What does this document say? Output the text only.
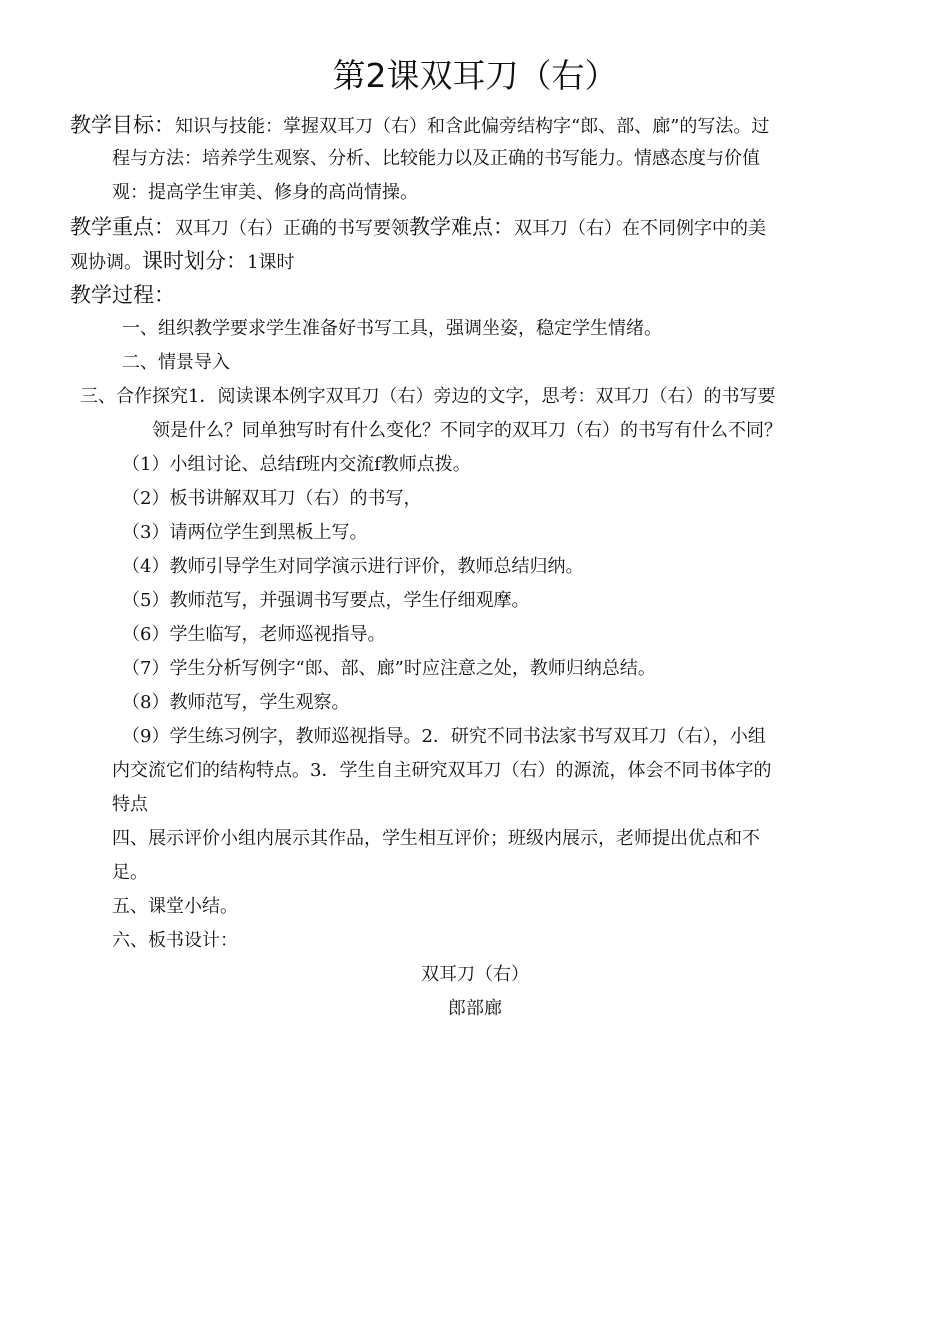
第2课双耳刀（右）

教学目标：知识与技能：掌握双耳刀（右）和含此偏旁结构字“郎、部、廊”的写法。过

程与方法：培养学生观察、分析、比较能力以及正确的书写能力。情感态度与价值

观：提高学生审美、修身的高尚情操。

教学重点：双耳刀（右）正确的书写要领教学难点：双耳刀（右）在不同例字中的美

观协调。课时划分：1课时

教学过程：

一、组织教学要求学生准备好书写工具，强调坐姿，稳定学生情绪。

二、情景导入

三、合作探究1．阅读课本例字双耳刀（右）旁边的文字，思考：双耳刀（右）的书写要

领是什么？同单独写时有什么变化？不同字的双耳刀（右）的书写有什么不同？

（1）小组讨论、总结f班内交流f教师点拨。

（2）板书讲解双耳刀（右）的书写，

（3）请两位学生到黑板上写。

（4）教师引导学生对同学演示进行评价，教师总结归纳。

（5）教师范写，并强调书写要点，学生仔细观摩。

（6）学生临写，老师巡视指导。

（7）学生分析写例字“郎、部、廊”时应注意之处，教师归纳总结。

（8）教师范写，学生观察。

（9）学生练习例字，教师巡视指导。2．研究不同书法家书写双耳刀（右），小组

内交流它们的结构特点。3．学生自主研究双耳刀（右）的源流，体会不同书体字的

特点

四、展示评价小组内展示其作品，学生相互评价；班级内展示，老师提出优点和不

足。

五、课堂小结。

六、板书设计：

双耳刀（右）

郎部廊
